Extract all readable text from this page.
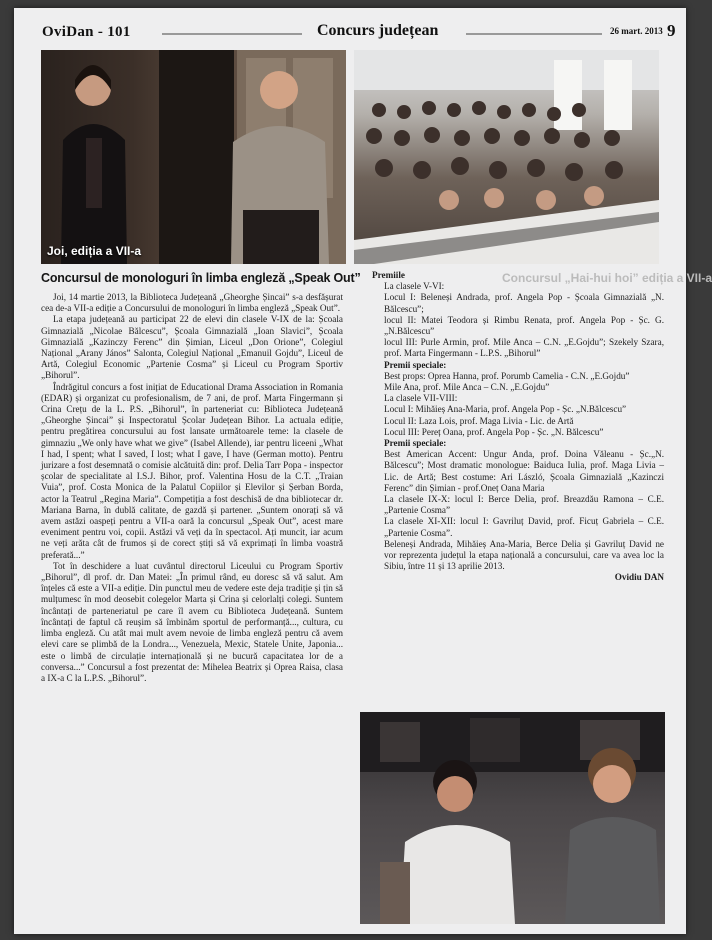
OviDan - 101	Concurs județean	26 mart. 2013 9
Joi, ediția a VII-a
Concursul de monologuri în limba engleză „Speak Out”	Concursul „Hai-hui hoi” ediția a VII-a

Joi, 14 martie 2013, la Biblioteca Județeană „Gheorghe Șincai” s-a desfășurat cea de-a VII-a ediție a Concursului de monologuri în limba engleză „Speak Out”.

La etapa județeană au participat 22 de elevi din clasele V-IX de la: Școala Gimnazială „Nicolae Bălcescu”, Școala Gimnazială „Ioan Slavici”, Școala Gimnazială „Kazinczy Ferenc” din Șimian, Liceul „Don Orione”, Colegiul Național „Arany János” Salonta, Colegiul Național „Emanuil Gojdu”, Liceul de Artă, Colegiul Economic „Partenie Cosma” și Liceul cu Program Sportiv „Bihorul”.

Îndrăgitul concurs a fost inițiat de Educational Drama Association in Romania (EDAR) și organizat cu profesionalism, de 7 ani, de prof. Marta Fingermann și Crina Crețu de la L. P.S. „Bihorul”, în parteneriat cu: Biblioteca Județeană „Gheorghe Șincai” și Inspectoratul Școlar Județean Bihor. La actuala ediție, pentru pregătirea concursului au fost lansate următoarele teme: la clasele de gimnaziu „We only have what we give” (Isabel Allende), iar pentru liceeni „What I had, I spent; what I saved, I lost; what I gave, I have (German motto). Pentru jurizare a fost desemnată o comisie alcătuită din: prof. Delia Tarr Popa - inspector școlar de specialitate al I.S.J. Bihor, prof. Valentina Hosu de la C.T. „Traian Vuia”, prof. Costa Monica de la Palatul Copiilor și Elevilor și Șerban Borda, actor la Teatrul „Regina Maria”. Competiția a fost deschisă de dna bibliotecar dr. Mariana Barna, în dublă calitate, de gazdă și partener. „Suntem onorați să vă avem astăzi oaspeți pentru a VII-a oară la concursul „Speak Out”, acest mare eveniment pentru voi, copii. Astăzi vă veți da în spectacol. Ați muncit, iar acum ne veți arăta cât de frumos și de corect știți să vă exprimați în limba voastră preferată...”

Tot în deschidere a luat cuvântul directorul Liceului cu Program Sportiv „Bihorul”, dl prof. dr. Dan Matei: „În primul rând, eu doresc să vă salut. Am înțeles că este a VII-a ediție. Din punctul meu de vedere este deja tradiție și țin să mulțumesc în mod deosebit colegelor Marta și Crina și celorlalți colegi. Suntem încântați de parteneriatul pe care îl avem cu Biblioteca Județeană. Suntem încântați de faptul că reușim să îmbinăm sportul de performanță..., cultura, cu limba engleză. Cu atât mai mult avem nevoie de limba engleză pentru că avem elevi care se plimbă de la Londra..., Venezuela, Mexic, Statele Unite, Japonia... este o limbă de circulație internațională și ne bucură capacitatea lor de a conversa...” Concursul a fost prezentat de: Mihelea Beatrix și Oprea Raisa, clasa a IX-a C la L.P.S. „Bihorul”.

Premiile

La clasele V-VI:

Locul I: Beleneși Andrada, prof. Angela Pop - Școala Gimnazială „N. Bălcescu”;

locul II: Matei Teodora și Rimbu Renata, prof. Angela Pop - Șc. G. „N.Bălcescu”

locul III: Purle Armin, prof. Mile Anca – C.N. „E.Gojdu”; Szekely Szara, prof. Marta Fingermann - L.P.S. „Bihorul”

Premii speciale:

Best props: Oprea Hanna, prof. Porumb Camelia - C.N. „E.Gojdu”

Mile Ana, prof. Mile Anca – C.N. „E.Gojdu”

La clasele VII-VIII:

Locul I: Mihăieș Ana-Maria, prof. Angela Pop - Șc. „N.Bălcescu”

Locul II: Laza Lois, prof. Maga Livia - Lic. de Artă

Locul III: Pereț Oana, prof. Angela Pop - Șc. „N. Bălcescu”

Premii speciale:

Best American Accent: Ungur Anda, prof. Doina Văleanu - Șc.„N. Bălcescu”; Most dramatic monologue: Baiduca Iulia, prof. Maga Livia – Lic. de Artă; Best costume: Ari László, Școala Gimnazială „Kazinczi Ferenc” din Șimian - prof.Oneț Oana Maria

La clasele IX-X: locul I: Berce Delia, prof. Breazdău Ramona – C.E. „Partenie Cosma”

La clasele XI-XII: locul I: Gavriluț David, prof. Ficuț Gabriela – C.E. „Partenie Cosma”.

Beleneși Andrada, Mihăieș Ana-Maria, Berce Delia și Gavriluț David ne vor reprezenta județul la etapa națională a concursului, care va avea loc la Sibiu, între 11 și 13 aprilie 2013.

Ovidiu DAN
